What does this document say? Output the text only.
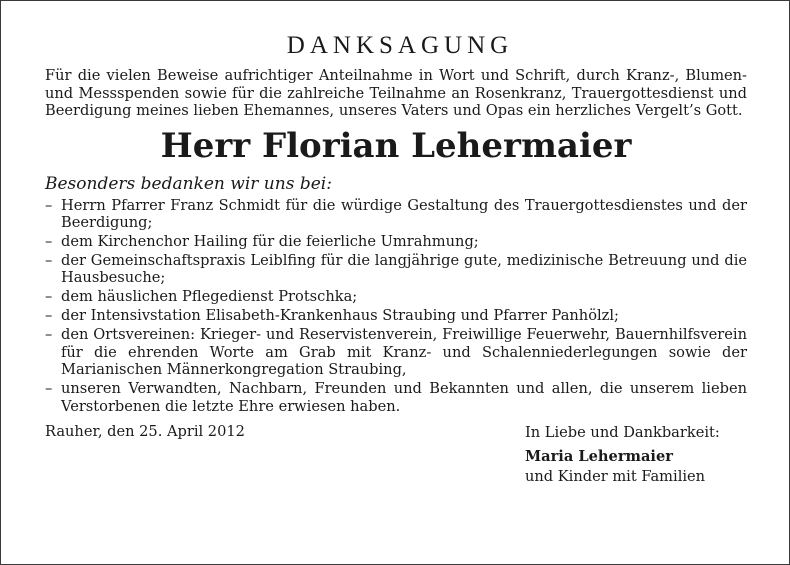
DANKSAGUNG

Für die vielen Beweise aufrichtiger Anteilnahme in Wort und Schrift, durch Kranz-, Blumen- und Messspenden sowie für die zahlreiche Teilnahme an Rosenkranz, Trauergottesdienst und Beerdigung meines lieben Ehemannes, unseres Vaters und Opas ein herzliches Vergelt’s Gott.

Herr Florian Lehermaier
Besonders bedanken wir uns bei:
– Herrn Pfarrer Franz Schmidt für die würdige Gestaltung des Trauergottesdienstes und der Beerdigung;
– dem Kirchenchor Hailing für die feierliche Umrahmung;
– der Gemeinschaftspraxis Leiblfing für die langjährige gute, medizinische Betreuung und die Hausbesuche;
– dem häuslichen Pflegedienst Protschka;
– der Intensivstation Elisabeth-Krankenhaus Straubing und Pfarrer Panhölzl;
– den Ortsvereinen: Krieger- und Reservistenverein, Freiwillige Feuerwehr, Bauernhilfsverein für die ehrenden Worte am Grab mit Kranz- und Schalenniederlegungen sowie der Marianischen Männerkongregation Straubing,
– unseren Verwandten, Nachbarn, Freunden und Bekannten und allen, die unserem lieben Verstorbenen die letzte Ehre erwiesen haben.
Rauher, den 25. April 2012	In Liebe und Dankbarkeit:
Maria Lehermaier
und Kinder mit Familien
